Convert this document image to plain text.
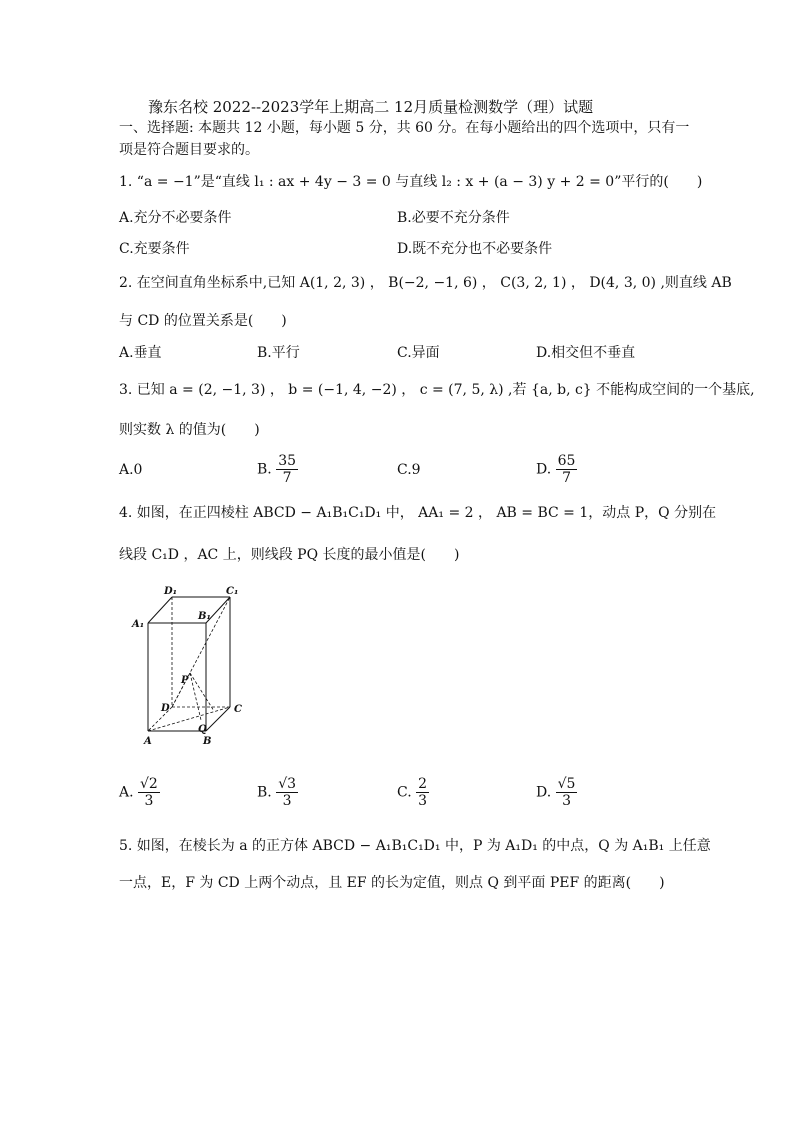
豫东名校 2022--2023学年上期高二 12月质量检测数学（理）试题
一、选择题: 本题共 12 小题，每小题 5 分，共 60 分。在每小题给出的四个选项中，只有一
项是符合题目要求的。
1. “a = −1”是“直线 l₁ : ax + 4y − 3 = 0 与直线 l₂ : x + (a − 3) y + 2 = 0”平行的(　　)
A.充分不必要条件	B.必要不充分条件
C.充要条件	D.既不充分也不必要条件
2. 在空间直角坐标系中,已知 A(1, 2, 3) ， B(−2, −1, 6) ， C(3, 2, 1) ， D(4, 3, 0) ,则直线 AB
与 CD 的位置关系是(　　)
A.垂直	B.平行	C.异面	D.相交但不垂直
3. 已知 a = (2, −1, 3) ， b = (−1, 4, −2) ， c = (7, 5, λ) ,若 {a, b, c} 不能构成空间的一个基底,
则实数 λ 的值为(　　)
A.0	B. $\frac{35}{7}$	C.9	D. $\frac{65}{7}$
4. 如图，在正四棱柱 ABCD − A₁B₁C₁D₁ 中， AA₁ = 2 ， AB = BC = 1，动点 P，Q 分别在
线段 C₁D ，AC 上，则线段 PQ 长度的最小值是(　　)
D₁	C₁
B₁
A₁
P
D	C
Q
A	B
A. $\frac{√2}{3}$	B. $\frac{√3}{3}$	C. $\frac{2}{3}$	D. $\frac{√5}{3}$
5. 如图，在棱长为 a 的正方体 ABCD − A₁B₁C₁D₁ 中，P 为 A₁D₁ 的中点，Q 为 A₁B₁ 上任意
一点，E，F 为 CD 上两个动点，且 EF 的长为定值，则点 Q 到平面 PEF 的距离(　　)
